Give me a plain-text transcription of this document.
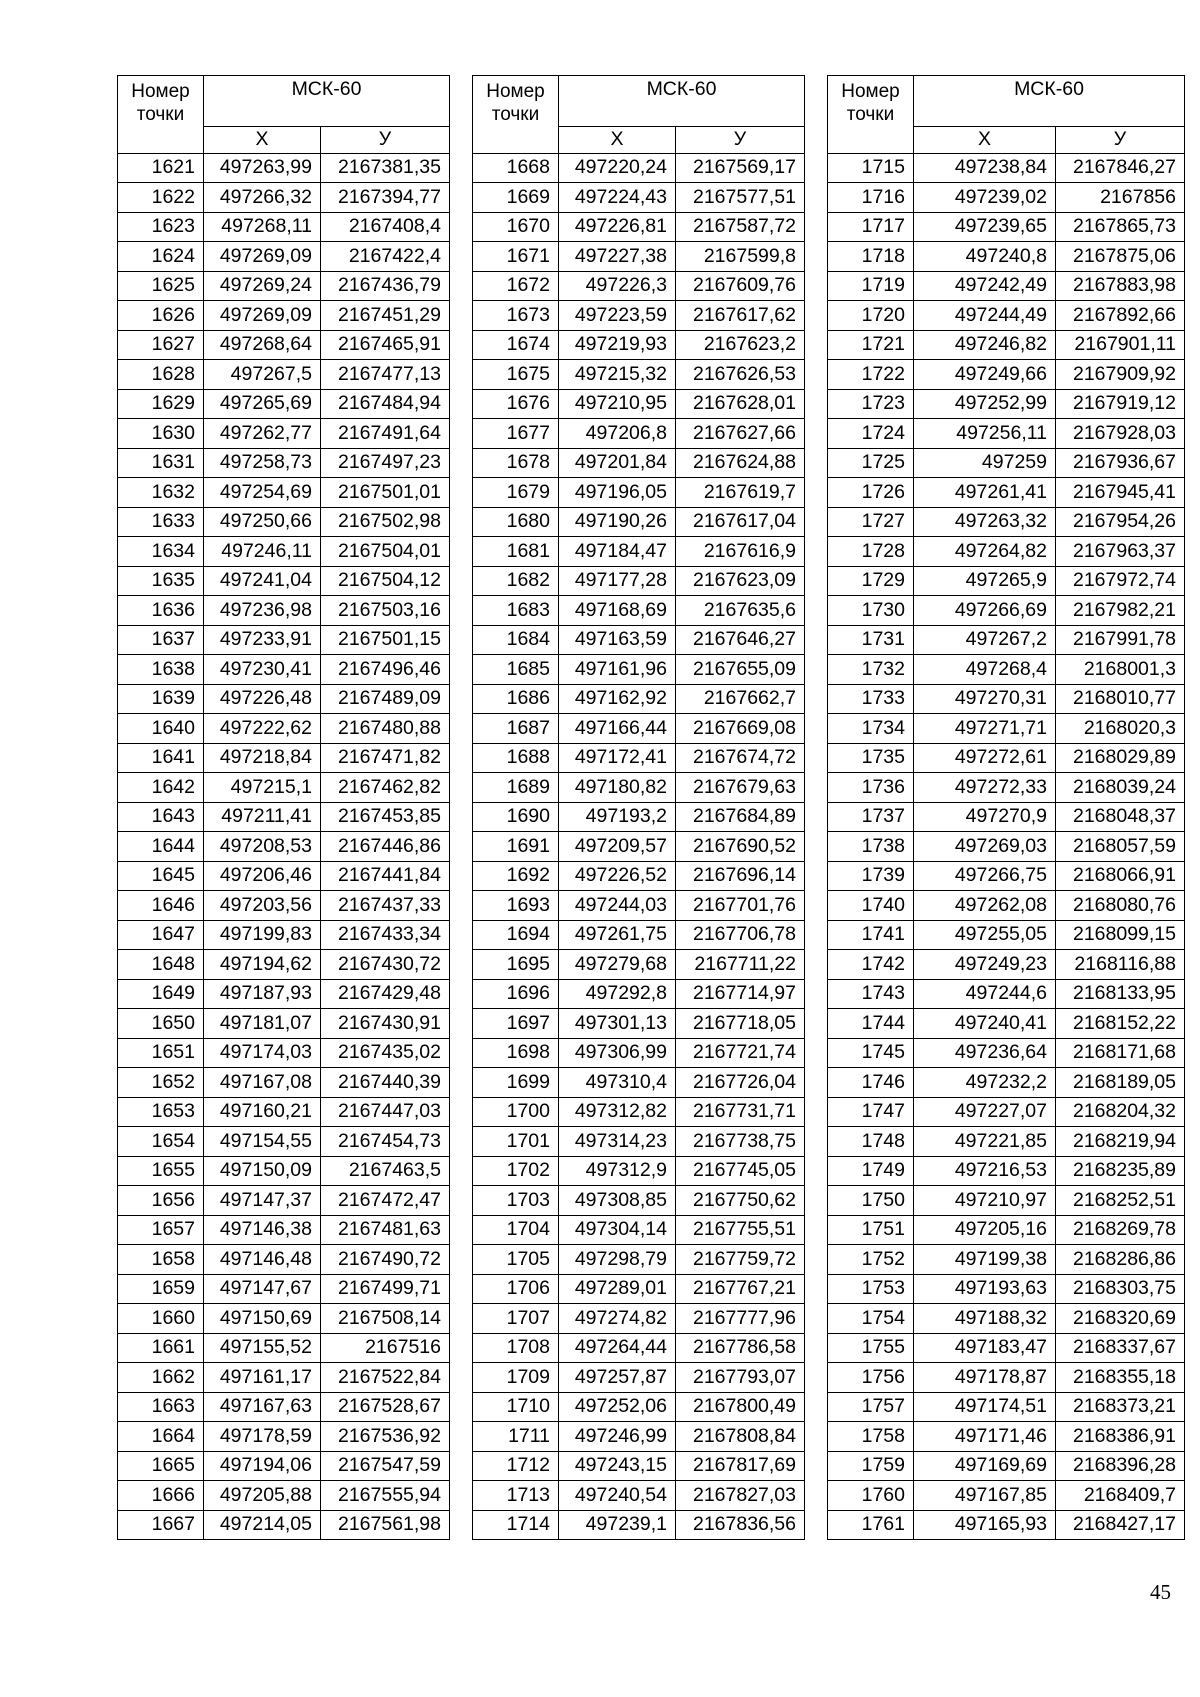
Номер
точки	МСК-60	
	X	У
1621	497263,99	2167381,35
1622	497266,32	2167394,77
1623	497268,11	2167408,4
1624	497269,09	2167422,4
1625	497269,24	2167436,79
1626	497269,09	2167451,29
1627	497268,64	2167465,91
1628	497267,5	2167477,13
1629	497265,69	2167484,94
1630	497262,77	2167491,64
1631	497258,73	2167497,23
1632	497254,69	2167501,01
1633	497250,66	2167502,98
1634	497246,11	2167504,01
1635	497241,04	2167504,12
1636	497236,98	2167503,16
1637	497233,91	2167501,15
1638	497230,41	2167496,46
1639	497226,48	2167489,09
1640	497222,62	2167480,88
1641	497218,84	2167471,82
1642	497215,1	2167462,82
1643	497211,41	2167453,85
1644	497208,53	2167446,86
1645	497206,46	2167441,84
1646	497203,56	2167437,33
1647	497199,83	2167433,34
1648	497194,62	2167430,72
1649	497187,93	2167429,48
1650	497181,07	2167430,91
1651	497174,03	2167435,02
1652	497167,08	2167440,39
1653	497160,21	2167447,03
1654	497154,55	2167454,73
1655	497150,09	2167463,5
1656	497147,37	2167472,47
1657	497146,38	2167481,63
1658	497146,48	2167490,72
1659	497147,67	2167499,71
1660	497150,69	2167508,14
1661	497155,52	2167516
1662	497161,17	2167522,84
1663	497167,63	2167528,67
1664	497178,59	2167536,92
1665	497194,06	2167547,59
1666	497205,88	2167555,94
1667	497214,05	2167561,98
Номер
точки	МСК-60	
	X	У
1668	497220,24	2167569,17
1669	497224,43	2167577,51
1670	497226,81	2167587,72
1671	497227,38	2167599,8
1672	497226,3	2167609,76
1673	497223,59	2167617,62
1674	497219,93	2167623,2
1675	497215,32	2167626,53
1676	497210,95	2167628,01
1677	497206,8	2167627,66
1678	497201,84	2167624,88
1679	497196,05	2167619,7
1680	497190,26	2167617,04
1681	497184,47	2167616,9
1682	497177,28	2167623,09
1683	497168,69	2167635,6
1684	497163,59	2167646,27
1685	497161,96	2167655,09
1686	497162,92	2167662,7
1687	497166,44	2167669,08
1688	497172,41	2167674,72
1689	497180,82	2167679,63
1690	497193,2	2167684,89
1691	497209,57	2167690,52
1692	497226,52	2167696,14
1693	497244,03	2167701,76
1694	497261,75	2167706,78
1695	497279,68	2167711,22
1696	497292,8	2167714,97
1697	497301,13	2167718,05
1698	497306,99	2167721,74
1699	497310,4	2167726,04
1700	497312,82	2167731,71
1701	497314,23	2167738,75
1702	497312,9	2167745,05
1703	497308,85	2167750,62
1704	497304,14	2167755,51
1705	497298,79	2167759,72
1706	497289,01	2167767,21
1707	497274,82	2167777,96
1708	497264,44	2167786,58
1709	497257,87	2167793,07
1710	497252,06	2167800,49
1711	497246,99	2167808,84
1712	497243,15	2167817,69
1713	497240,54	2167827,03
1714	497239,1	2167836,56
Номер
точки	МСК-60	
	X	У
1715	497238,84	2167846,27
1716	497239,02	2167856
1717	497239,65	2167865,73
1718	497240,8	2167875,06
1719	497242,49	2167883,98
1720	497244,49	2167892,66
1721	497246,82	2167901,11
1722	497249,66	2167909,92
1723	497252,99	2167919,12
1724	497256,11	2167928,03
1725	497259	2167936,67
1726	497261,41	2167945,41
1727	497263,32	2167954,26
1728	497264,82	2167963,37
1729	497265,9	2167972,74
1730	497266,69	2167982,21
1731	497267,2	2167991,78
1732	497268,4	2168001,3
1733	497270,31	2168010,77
1734	497271,71	2168020,3
1735	497272,61	2168029,89
1736	497272,33	2168039,24
1737	497270,9	2168048,37
1738	497269,03	2168057,59
1739	497266,75	2168066,91
1740	497262,08	2168080,76
1741	497255,05	2168099,15
1742	497249,23	2168116,88
1743	497244,6	2168133,95
1744	497240,41	2168152,22
1745	497236,64	2168171,68
1746	497232,2	2168189,05
1747	497227,07	2168204,32
1748	497221,85	2168219,94
1749	497216,53	2168235,89
1750	497210,97	2168252,51
1751	497205,16	2168269,78
1752	497199,38	2168286,86
1753	497193,63	2168303,75
1754	497188,32	2168320,69
1755	497183,47	2168337,67
1756	497178,87	2168355,18
1757	497174,51	2168373,21
1758	497171,46	2168386,91
1759	497169,69	2168396,28
1760	497167,85	2168409,7
1761	497165,93	2168427,17
45
